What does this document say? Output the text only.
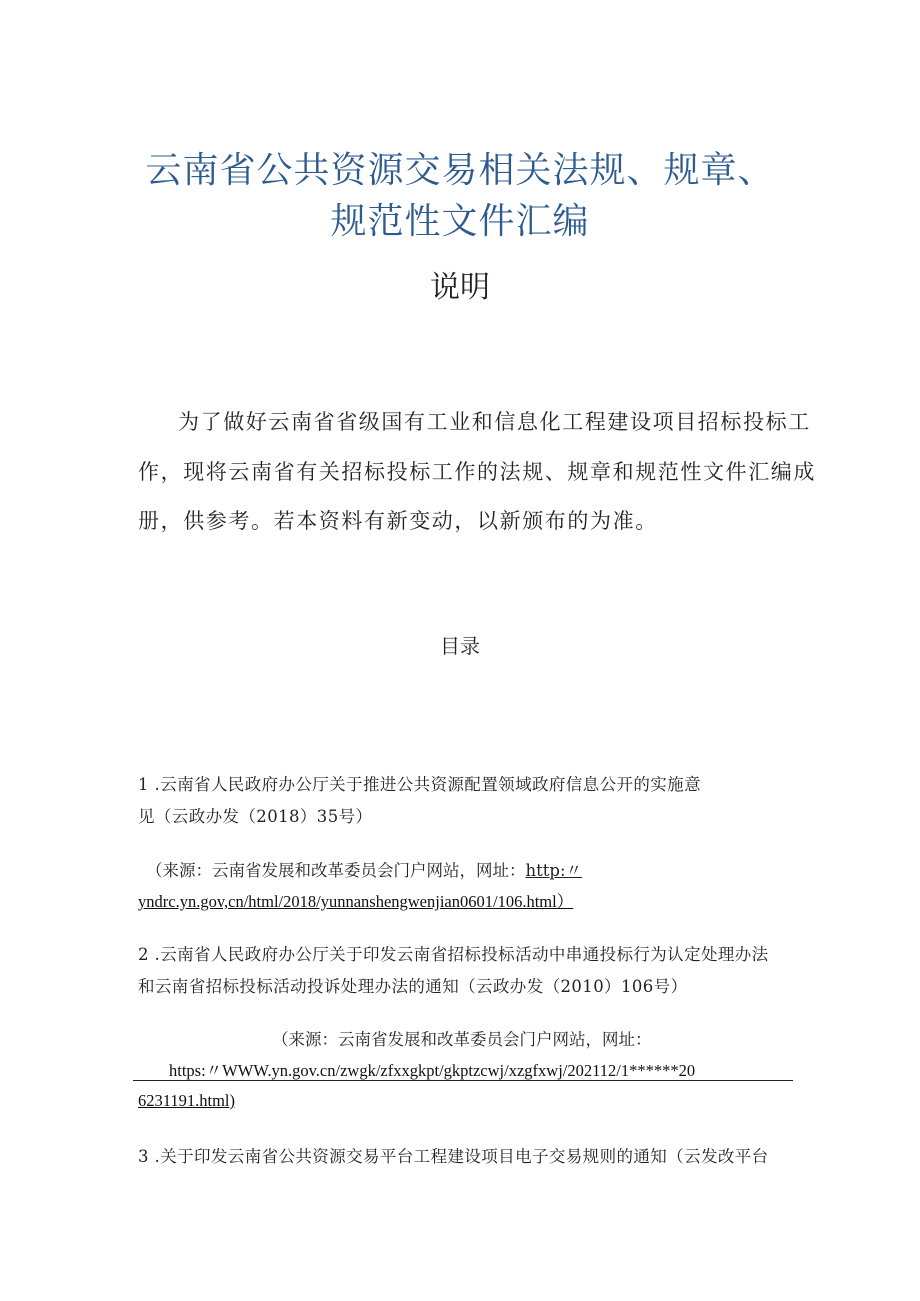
云南省公共资源交易相关法规、规章、
规范性文件汇编
说明
为了做好云南省省级国有工业和信息化工程建设项目招标投标工
作，现将云南省有关招标投标工作的法规、规章和规范性文件汇编成
册，供参考。若本资料有新变动，以新颁布的为准。
目录
1 .云南省人民政府办公厅关于推进公共资源配置领域政府信息公开的实施意
见（云政办发（2018）35号）
（来源：云南省发展和改革委员会门户网站，网址：http:〃
yndrc.yn.gov,cn/html/2018/yunnanshengwenjian0601/106.html）
2 .云南省人民政府办公厅关于印发云南省招标投标活动中串通投标行为认定处理办法
和云南省招标投标活动投诉处理办法的通知（云政办发（2010）106号）
（来源：云南省发展和改革委员会门户网站，网址：
https:〃WWW.yn.gov.cn/zwgk/zfxxgkpt/gkptzcwj/xzgfxwj/202112/1******20
6231191.html)
3 .关于印发云南省公共资源交易平台工程建设项目电子交易规则的通知（云发改平台
